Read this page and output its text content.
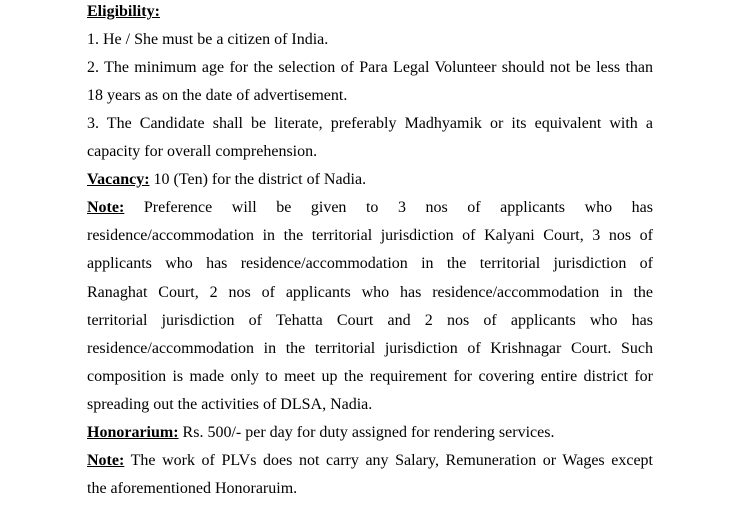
Eligibility:
1. He / She must be a citizen of India.
2. The minimum age for the selection of Para Legal Volunteer should not be less than
18 years as on the date of advertisement.
3. The Candidate shall be literate, preferably Madhyamik or its equivalent with a
capacity for overall comprehension.
Vacancy: 10 (Ten) for the district of Nadia.
Note: Preference will be given to 3 nos of applicants who has
residence/accommodation in the territorial jurisdiction of Kalyani Court, 3 nos of
applicants who has residence/accommodation in the territorial jurisdiction of
Ranaghat Court, 2 nos of applicants who has residence/accommodation in the
territorial jurisdiction of Tehatta Court and 2 nos of applicants who has
residence/accommodation in the territorial jurisdiction of Krishnagar Court. Such
composition is made only to meet up the requirement for covering entire district for
spreading out the activities of DLSA, Nadia.
Honorarium: Rs. 500/- per day for duty assigned for rendering services.
Note: The work of PLVs does not carry any Salary, Remuneration or Wages except
the aforementioned Honoraruim.
